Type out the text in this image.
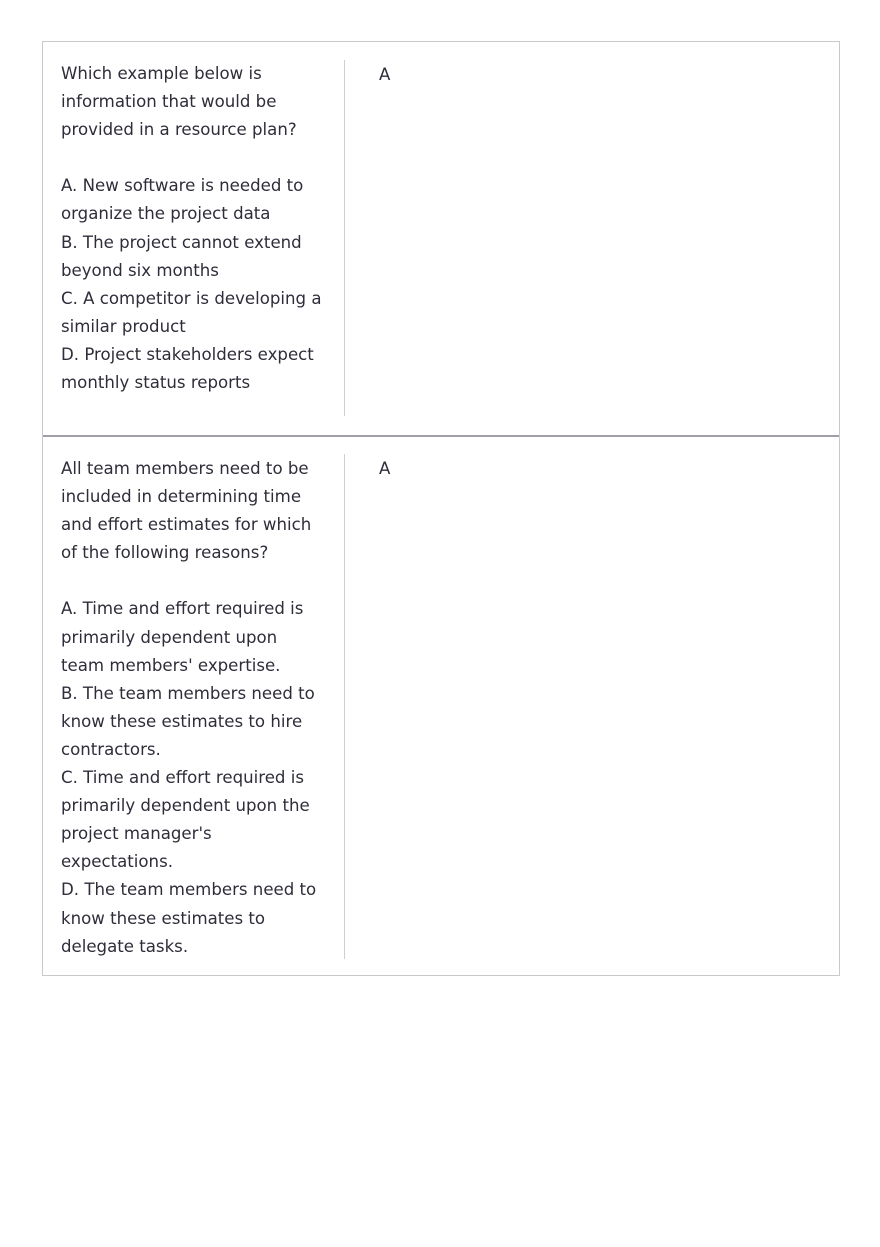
Which example below is
information that would be
provided in a resource plan?
A. New software is needed to
organize the project data
B. The project cannot extend
beyond six months
C. A competitor is developing a
similar product
D. Project stakeholders expect
monthly status reports
A
All team members need to be
included in determining time
and effort estimates for which
of the following reasons?
A. Time and effort required is
primarily dependent upon
team members' expertise.
B. The team members need to
know these estimates to hire
contractors.
C. Time and effort required is
primarily dependent upon the
project manager's
expectations.
D. The team members need to
know these estimates to
delegate tasks.
A
